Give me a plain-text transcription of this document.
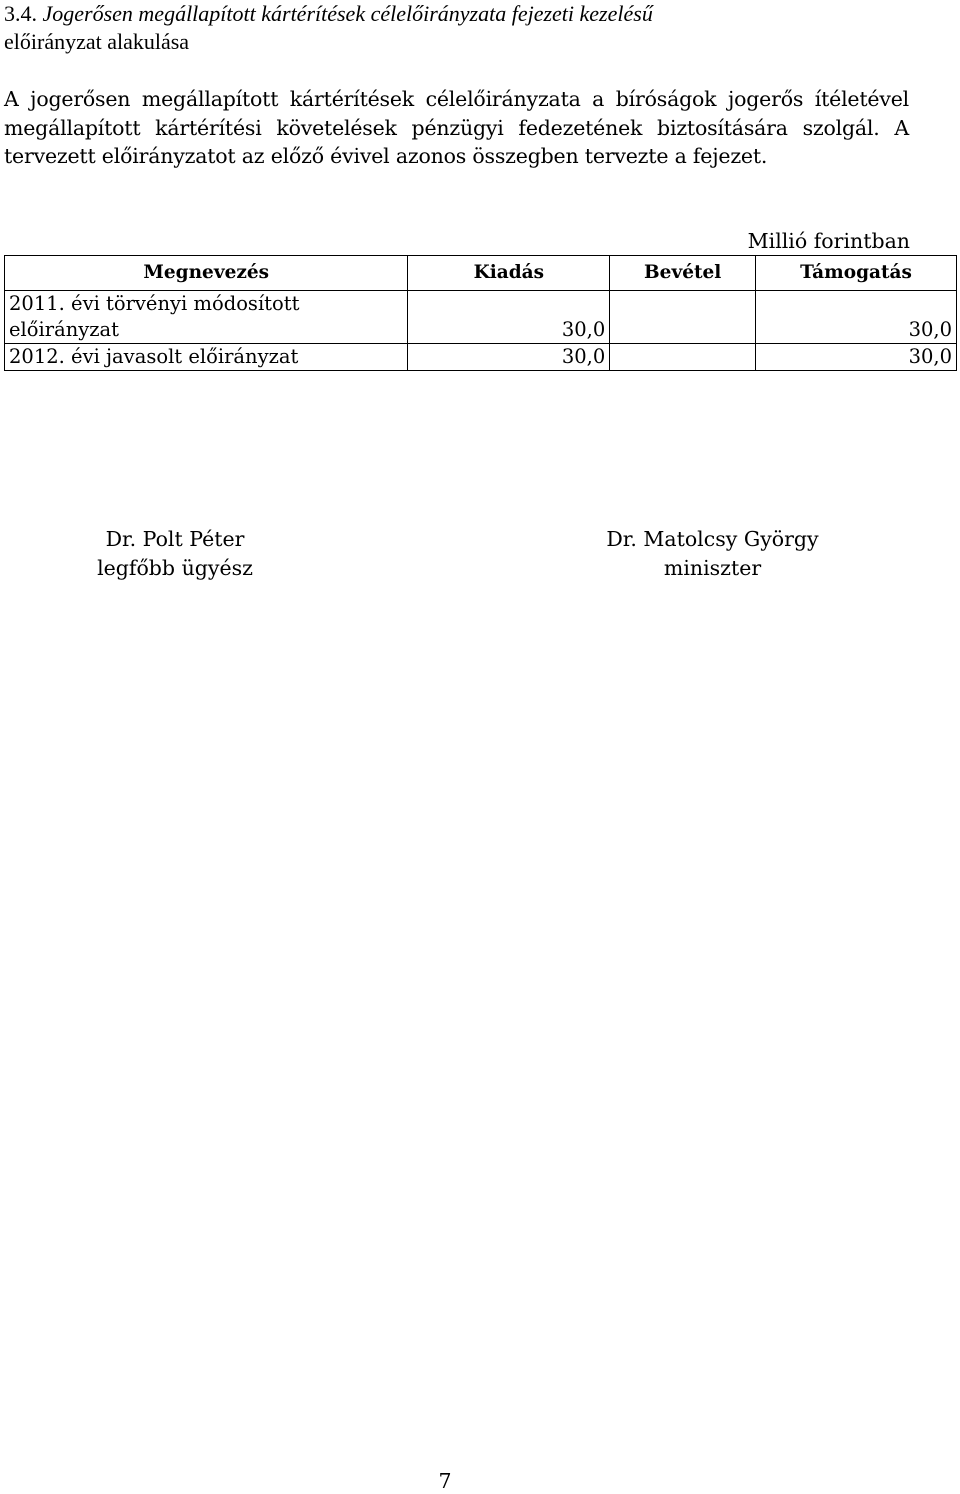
3.4. Jogerősen megállapított kártérítések célelőirányzata fejezeti kezelésű
előirányzat alakulása
A jogerősen megállapított kártérítések célelőirányzata a bíróságok jogerős ítéletével megállapított kártérítési követelések pénzügyi fedezetének biztosítására szolgál. A tervezett előirányzatot az előző évivel azonos összegben tervezte a fejezet.
Millió forintban
Megnevezés	Kiadás	Bevétel	Támogatás
2011. évi törvényi módosított
előirányzat	30,0		30,0
2012. évi javasolt előirányzat	30,0		30,0
Dr. Polt Péter
legfőbb ügyész
Dr. Matolcsy György
miniszter
7
